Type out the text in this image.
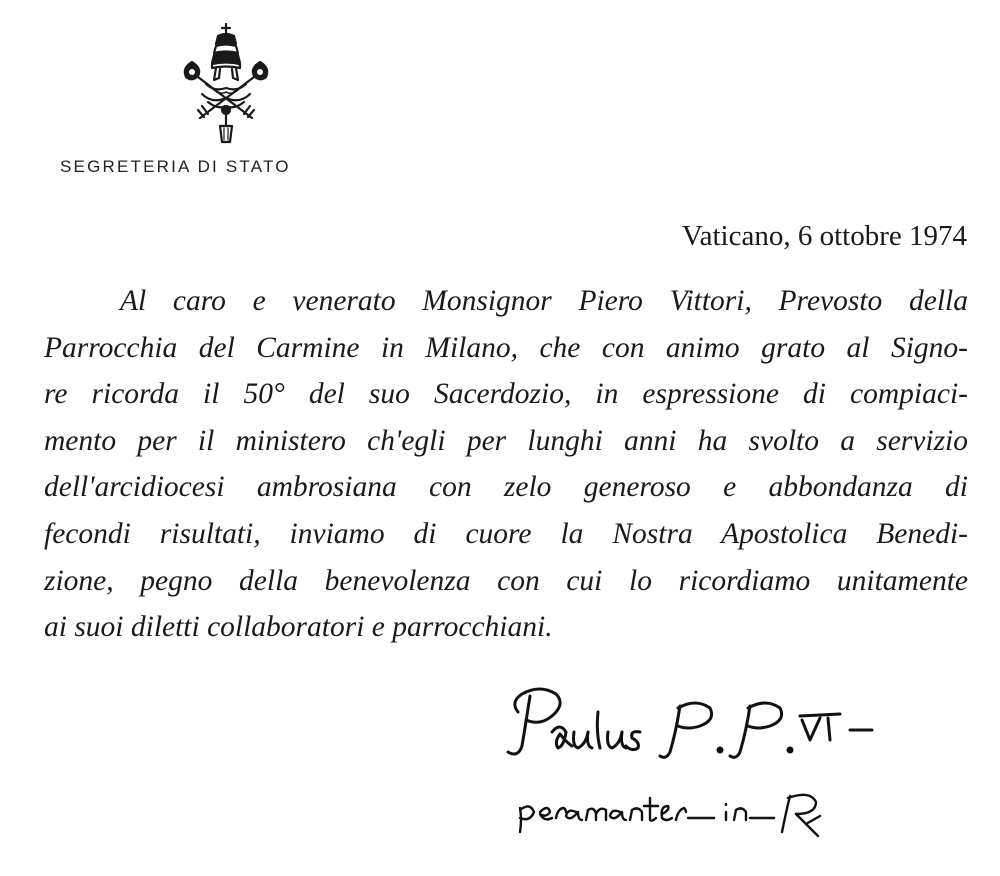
SEGRETERIA DI STATO
Vaticano, 6 ottobre 1974
Al caro e venerato Monsignor Piero Vittori, Prevosto della
Parrocchia del Carmine in Milano, che con animo grato al Signo-
re ricorda il 50° del suo Sacerdozio, in espressione di compiaci-
mento per il ministero ch'egli per lunghi anni ha svolto a servizio
dell'arcidiocesi ambrosiana con zelo generoso e abbondanza di
fecondi risultati, inviamo di cuore la Nostra Apostolica Benedi-
zione, pegno della benevolenza con cui lo ricordiamo unitamente
ai suoi diletti collaboratori e parrocchiani.
